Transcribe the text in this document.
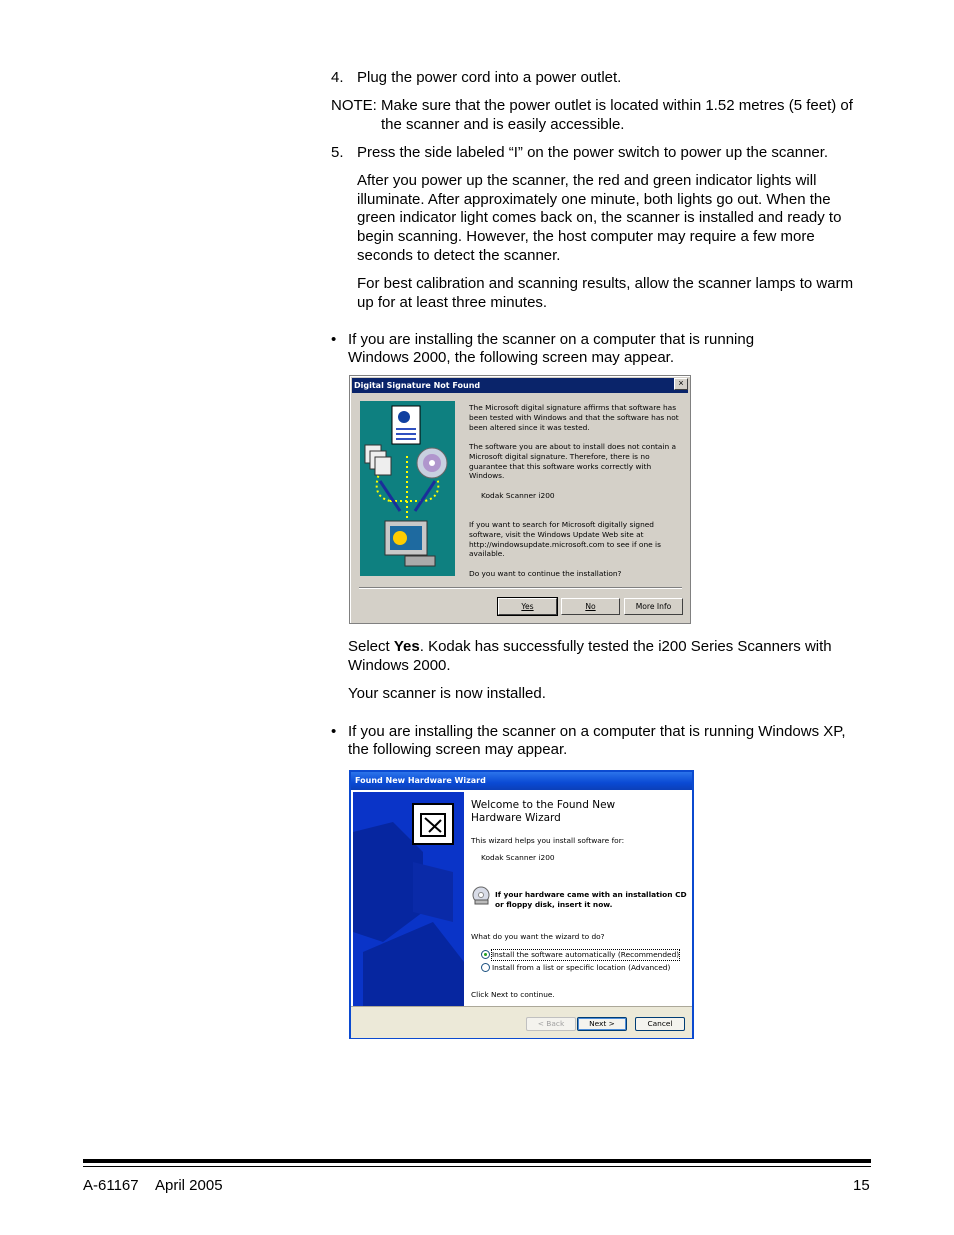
4. Plug the power cord into a power outlet.
NOTE: Make sure that the power outlet is located within 1.52 metres (5 feet) of
the scanner and is easily accessible.
5. Press the side labeled “I” on the power switch to power up the scanner.
After you power up the scanner, the red and green indicator lights will
illuminate. After approximately one minute, both lights go out. When the
green indicator light comes back on, the scanner is installed and ready to
begin scanning. However, the host computer may require a few more
seconds to detect the scanner.
For best calibration and scanning results, allow the scanner lamps to warm
up for at least three minutes.
• If you are installing the scanner on a computer that is running
Windows 2000, the following screen may appear.
Digital Signature Not Found	×
The Microsoft digital signature affirms that software has
been tested with Windows and that the software has not
been altered since it was tested.
The software you are about to install does not contain a
Microsoft digital signature. Therefore, there is no
guarantee that this software works correctly with
Windows.
Kodak Scanner i200
If you want to search for Microsoft digitally signed
software, visit the Windows Update Web site at
http://windowsupdate.microsoft.com to see if one is
available.
Do you want to continue the installation?
Yes	No	More Info
Select Yes. Kodak has successfully tested the i200 Series Scanners with
Windows 2000.
Your scanner is now installed.
• If you are installing the scanner on a computer that is running Windows XP,
the following screen may appear.
Found New Hardware Wizard
Welcome to the Found New
Hardware Wizard
This wizard helps you install software for:
Kodak Scanner i200
If your hardware came with an installation CD
or floppy disk, insert it now.
What do you want the wizard to do?
Install the software automatically (Recommended)
Install from a list or specific location (Advanced)
Click Next to continue.
< Back	Next >	Cancel
A-61167 April 2005	15
